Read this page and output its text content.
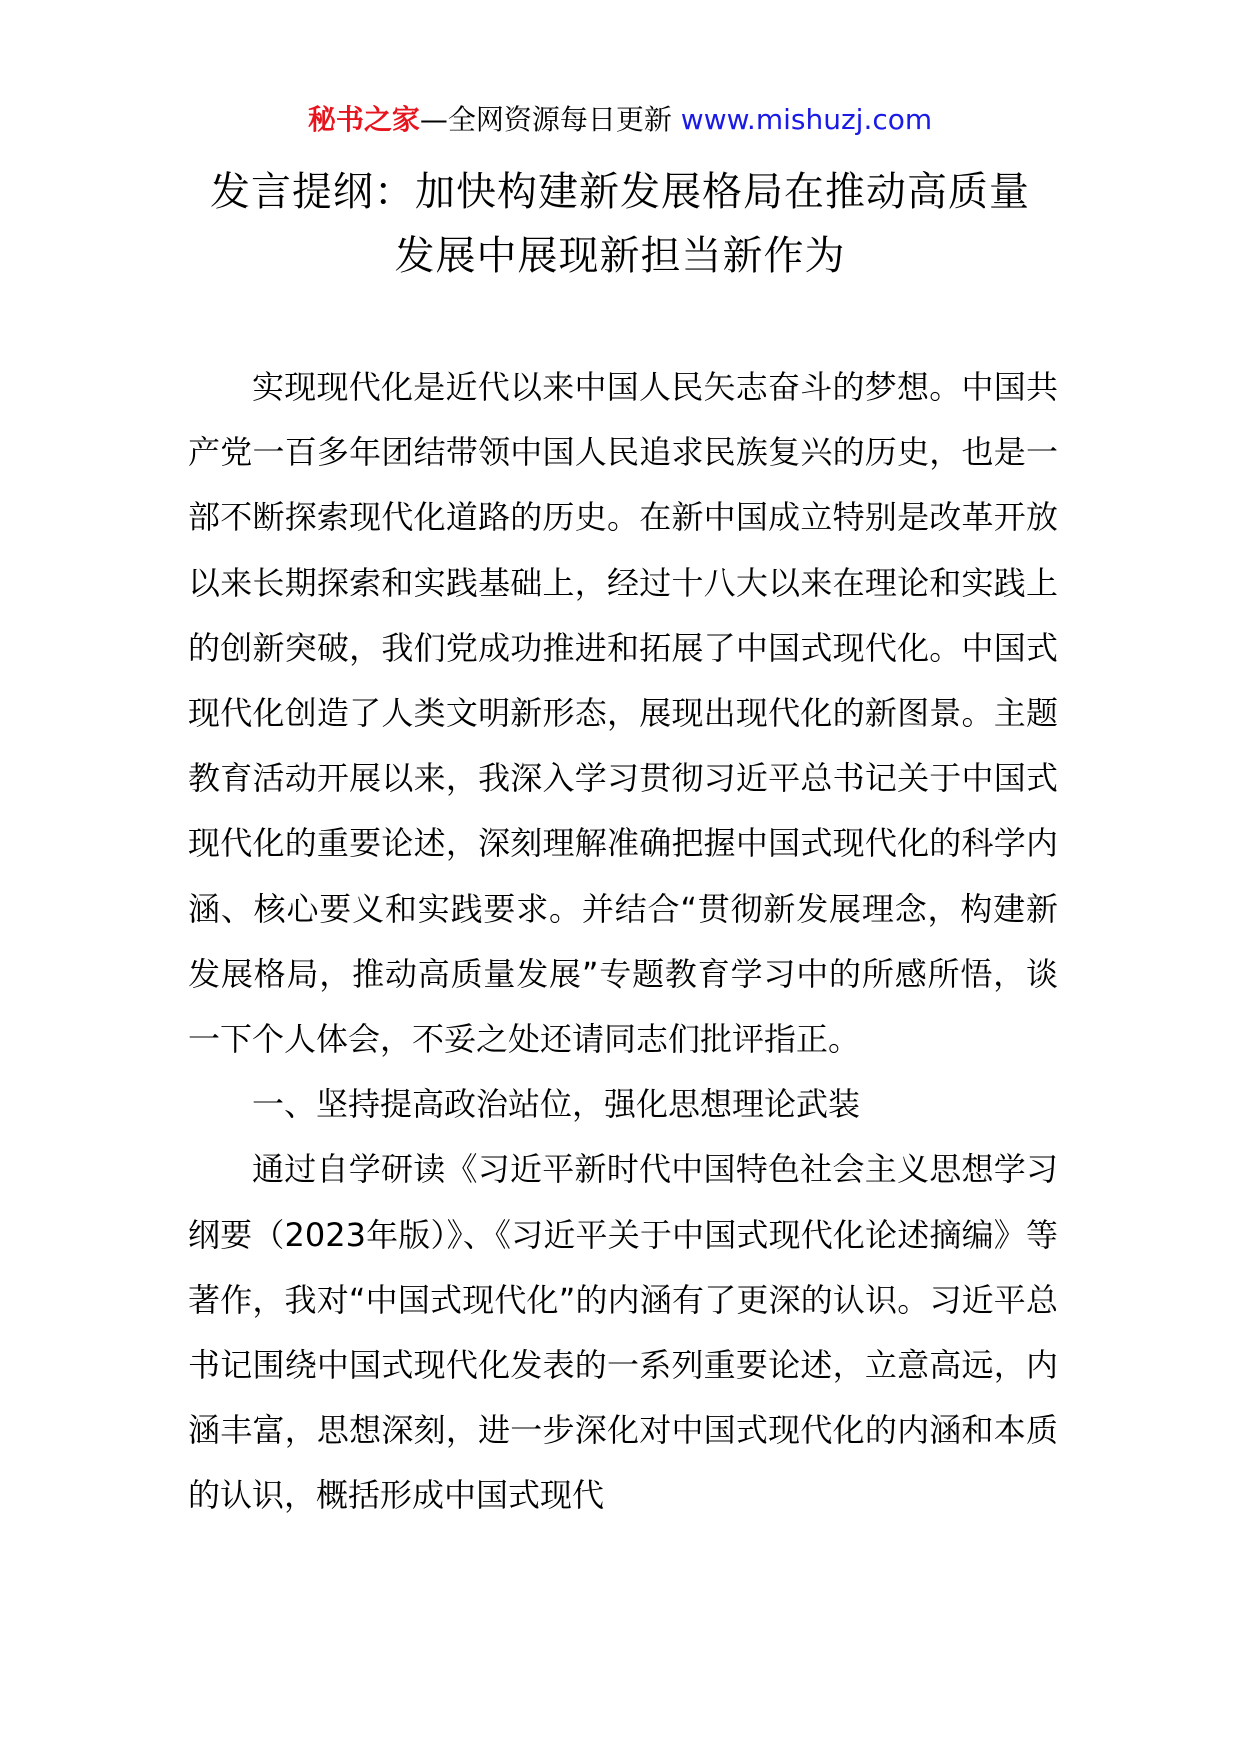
秘书之家—全网资源每日更新 www.mishuzj.com
发言提纲：加快构建新发展格局在推动高质量
发展中展现新担当新作为

实现现代化是近代以来中国人民矢志奋斗的梦想。中国共产党一百多年团结带领中国人民追求民族复兴的历史，也是一部不断探索现代化道路的历史。在新中国成立特别是改革开放以来长期探索和实践基础上，经过十八大以来在理论和实践上的创新突破，我们党成功推进和拓展了中国式现代化。中国式现代化创造了人类文明新形态，展现出现代化的新图景。主题教育活动开展以来，我深入学习贯彻习近平总书记关于中国式现代化的重要论述，深刻理解准确把握中国式现代化的科学内涵、核心要义和实践要求。并结合“贯彻新发展理念，构建新发展格局，推动高质量发展”专题教育学习中的所感所悟，谈一下个人体会，不妥之处还请同志们批评指正。

一、坚持提高政治站位，强化思想理论武装

通过自学研读《习近平新时代中国特色社会主义思想学习纲要（2023年版）》、《习近平关于中国式现代化论述摘编》等著作，我对“中国式现代化”的内涵有了更深的认识。习近平总书记围绕中国式现代化发表的一系列重要论述，立意高远，内涵丰富，思想深刻，进一步深化对中国式现代化的内涵和本质的认识，概括形成中国式现代
